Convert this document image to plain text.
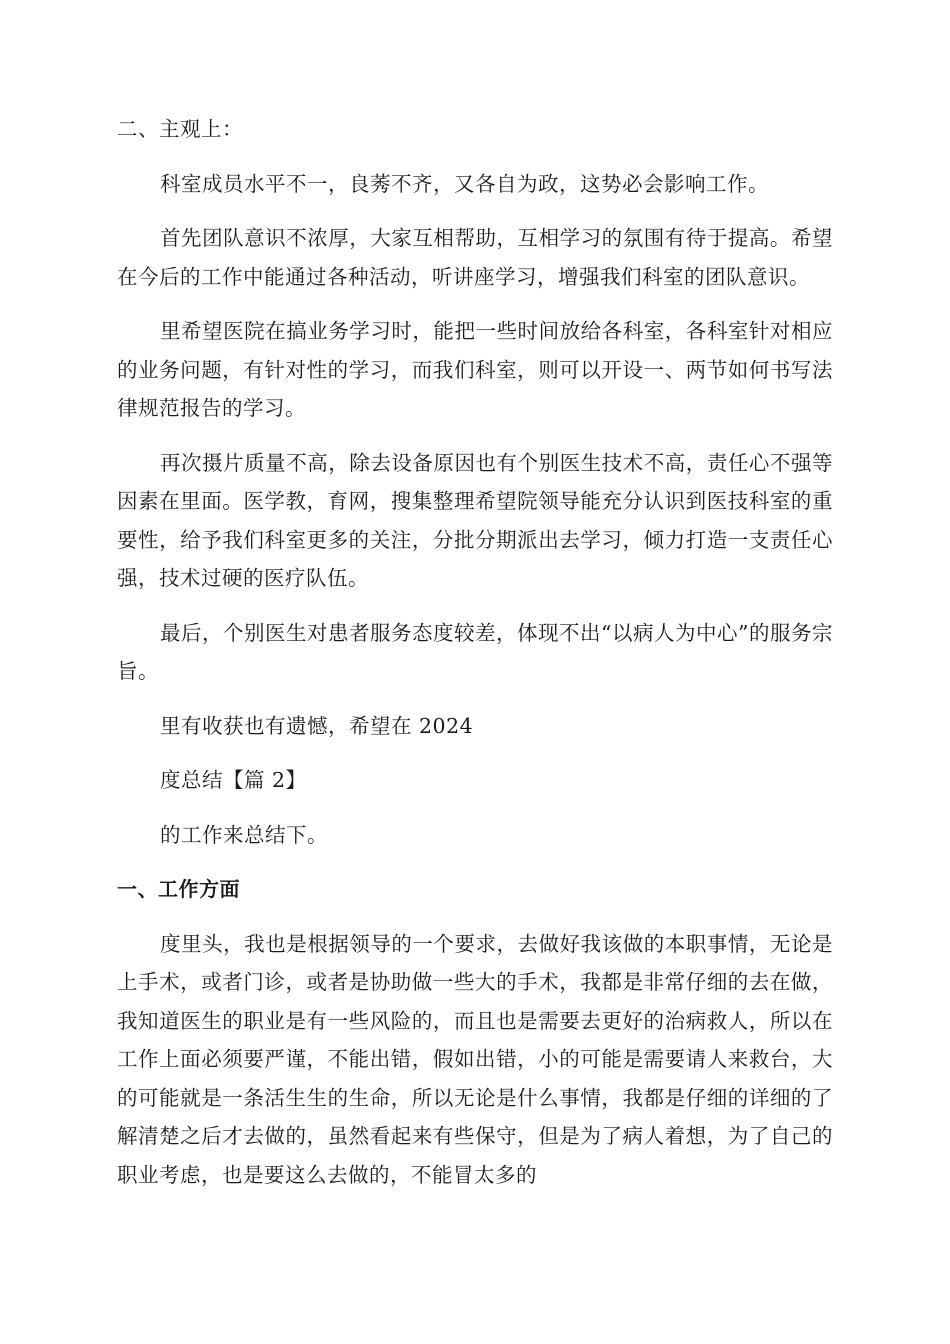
二、主观上：

科室成员水平不一，良莠不齐，又各自为政，这势必会影响工作。

首先团队意识不浓厚，大家互相帮助，互相学习的氛围有待于提高。希望在今后的工作中能通过各种活动，听讲座学习，增强我们科室的团队意识。

里希望医院在搞业务学习时，能把一些时间放给各科室，各科室针对相应的业务问题，有针对性的学习，而我们科室，则可以开设一、两节如何书写法律规范报告的学习。

再次摄片质量不高，除去设备原因也有个别医生技术不高，责任心不强等因素在里面。医学教，育网，搜集整理希望院领导能充分认识到医技科室的重要性，给予我们科室更多的关注，分批分期派出去学习，倾力打造一支责任心强，技术过硬的医疗队伍。

最后，个别医生对患者服务态度较差，体现不出“以病人为中心”的服务宗旨。

里有收获也有遗憾，希望在 2024

度总结【篇 2】

的工作来总结下。

一、工作方面

度里头，我也是根据领导的一个要求，去做好我该做的本职事情，无论是上手术，或者门诊，或者是协助做一些大的手术，我都是非常仔细的去在做，我知道医生的职业是有一些风险的，而且也是需要去更好的治病救人，所以在工作上面必须要严谨，不能出错，假如出错，小的可能是需要请人来救台，大的可能就是一条活生生的生命，所以无论是什么事情，我都是仔细的详细的了解清楚之后才去做的，虽然看起来有些保守，但是为了病人着想，为了自己的职业考虑，也是要这么去做的，不能冒太多的
